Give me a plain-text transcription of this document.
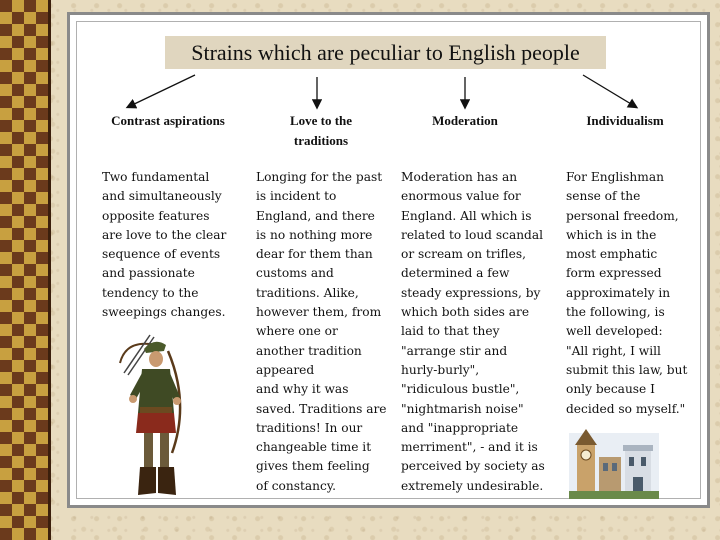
Strains which are peculiar to English people
Contrast aspirations	Love to the
traditions
Moderation	Individualism
Two fundamental
and simultaneously
opposite features
are love to the clear
sequence of events
and passionate
tendency to the
sweepings changes.
Longing for the past
is incident to
England, and there
is no nothing more
dear for them than
customs and
traditions. Alike,
however them, from
where one or
another tradition
appeared
and why it was
saved. Traditions are
traditions! In our
changeable time it
gives them feeling
of constancy.
Moderation has an
enormous value for
England. All which is
related to loud scandal
or scream on trifles,
determined a few
steady expressions, by
which both sides are
laid to that they
"arrange stir and
hurly-burly",
"ridiculous bustle",
"nightmarish noise"
and "inappropriate
merriment", - and it is
perceived by society as
extremely undesirable.
For Englishman
sense of the
personal freedom,
which is in the
most emphatic
form expressed
approximately in
the following, is
well developed:
"All right, I will
submit this law, but
only because I
decided so myself."
